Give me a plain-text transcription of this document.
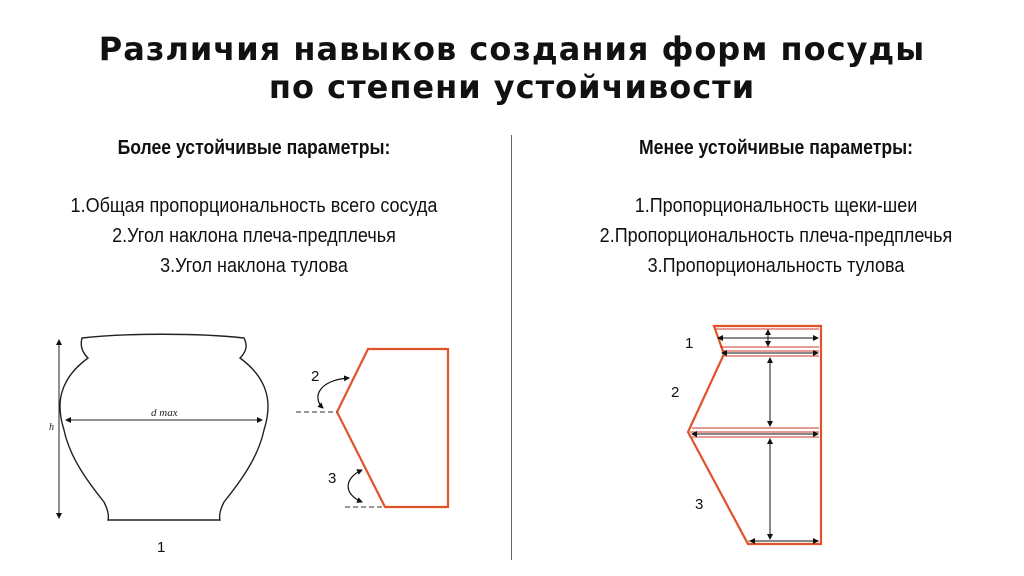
Различия навыков создания форм посуды
по степени устойчивости
Более устойчивые параметры:
1.Общая пропорциональность всего сосуда
2.Угол наклона плеча-предплечья
3.Угол наклона тулова
Менее устойчивые параметры:
1.Пропорциональность щеки-шеи
2.Пропорциональность плеча-предплечья
3.Пропорциональность тулова
h
d max
1
2
3
1
2
3
